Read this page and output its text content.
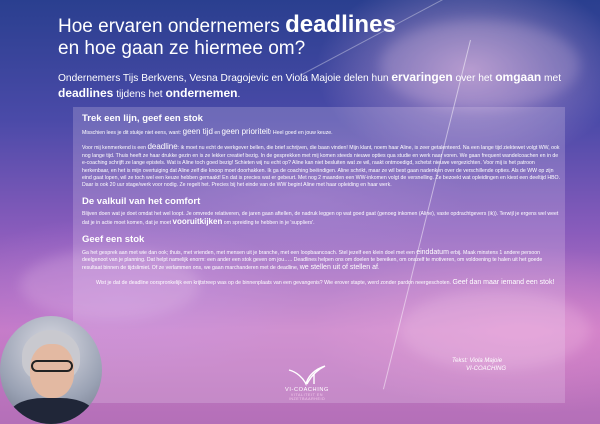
Hoe ervaren ondernemers deadlines
en hoe gaan ze hiermee om?
Ondernemers Tijs Berkvens, Vesna Dragojevic en Viola Majoie delen hun ervaringen over het omgaan met
deadlines tijdens het ondernemen.
Trek een lijn, geef een stok
Misschien lees je dit stukje niet eens, want: geen tijd en geen prioriteit! Heel goed en jouw keuze.
Voor mij kenmerkend is een deadline: ik moet nu echt de werkgever bellen, die brief schrijven, die baan vinden! Mijn klant, noem haar Aline, is zeer getalenteerd. Na een lange tijd ziektewet volgt WW, ook nog lange tijd. Thuis heeft ze haar drukke gezin en is ze lekker creatief bezig. In de gesprekken met mij komen steeds nieuwe opties qua studie en werk naar voren. We gaan frequent wandelcoachen en in de e-coaching schrijft ze lange epistels. Wat is Aline toch goed bezig! Schieten wij nu echt op? Aline kan niet besluiten wat ze wil, raakt ontmoedigd, schetst nieuwe vergezichten. Voor mij is het patroon herkenbaar, en het is mijn overtuiging dat Aline zelf die knoop moet doorhakken. Ik ga de coaching beëindigen. Aline schrikt, maar ze wil best gaan nadenken over de verschillende opties. Als de WW op zijn eind gaat lopen, wil ze toch wel een keuze hebben gemaakt! En dat is precies wat er gebeurt. Met nog 2 maanden een WW-inkomen volgt de versnelling. Ze bezoekt wat opleidingen en kiest een deeltijd HBO. Daar is ook 20 uur stage/werk voor nodig. Ze regelt het. Precies bij het einde van de WW begint Aline met haar opleiding en haar werk.
De valkuil van het comfort
Blijven doen wat je doet omdat het wel loopt. Je omvrede relativeren, de jaren gaan aftellen, de nadruk leggen op wat goed gaat (genoeg inkomen (Aline), vaste opdrachtgevers (ik)). Terwijl je ergens wel weet dat je in actie moet komen, dat je moet vooruitkijken om spreiding te hebben in je 'suppliers'.
Geef een stok
Ga het gesprek aan met wie dan ook; thuis, met vrienden, met mensen uit je branche, met een loopbaancoach. Stel jezelf een klein doel met een einddatum erbij. Maak minstens 1 andere persoon deelgenoot van je planning. Dat helpt namelijk enorm: een ander een stok geven om jou….. Deadlines helpen ons om doelen te bereiken, om onszelf te motiveren, om voldoening te halen uit het goede resultaat binnen de tijdslimiet. Of ze verlammen ons, we gaan marchanderen met de deadline, we stellen uit of stellen af.
Wist je dat de deadline oorspronkelijk een krijtstreep was op de binnenplaats van een gevangenis? Wie erover stapte, werd zonder pardon neergeschoten. Geef dan maar iemand een stok!
Tekst: Viola Majoie
VI-COACHING
VI-COACHING
VITALITEIT EN INZETBAARHEID
